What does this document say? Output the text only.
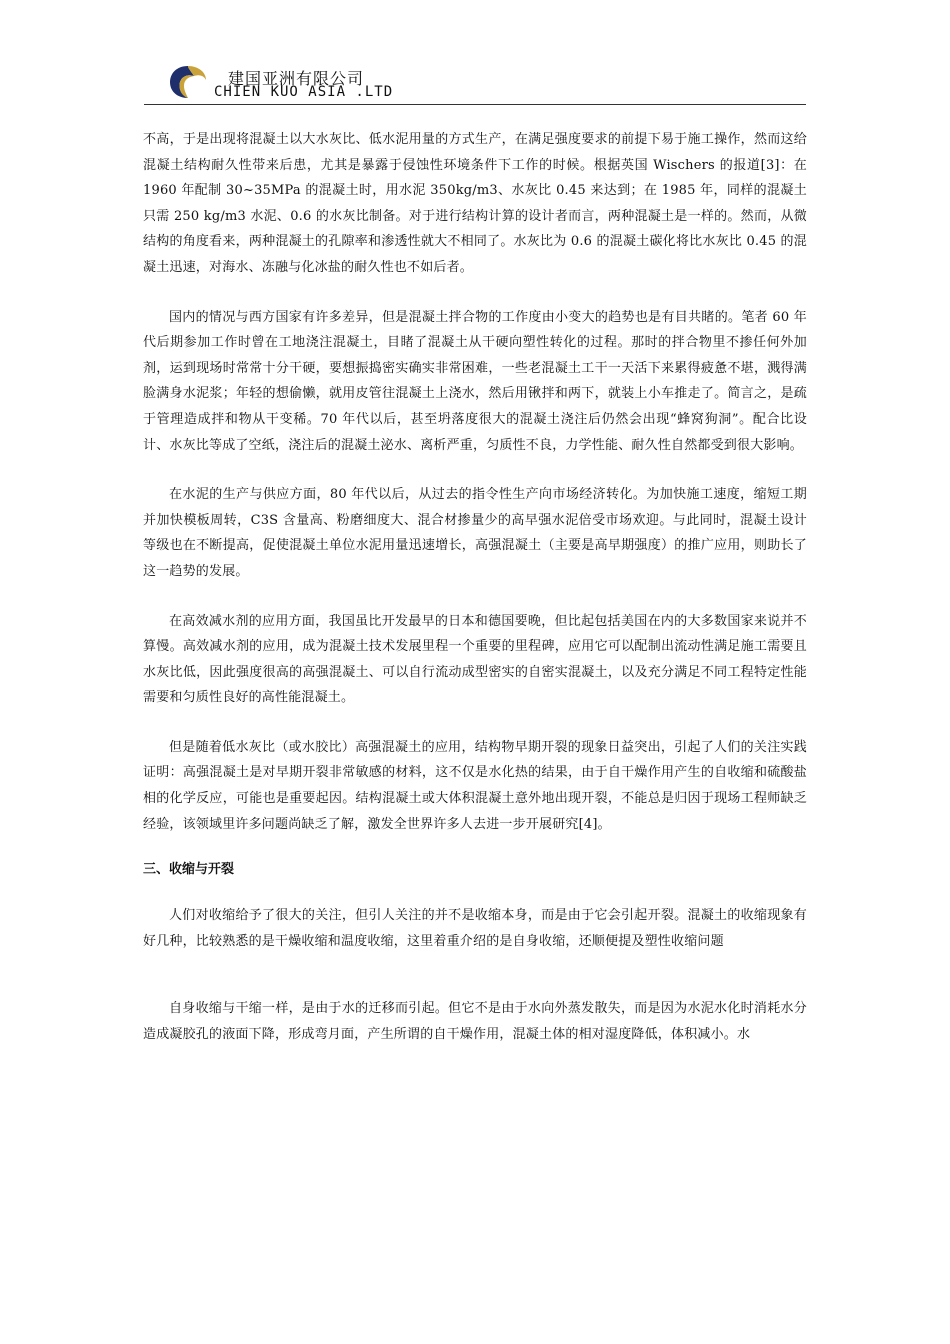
建国亚洲有限公司
CHIEN KUO ASIA .LTD

不高，于是出现将混凝土以大水灰比、低水泥用量的方式生产，在满足强度要求的前提下易于施工操作，然而这给混凝土结构耐久性带来后患，尤其是暴露于侵蚀性环境条件下工作的时候。根据英国 Wischers 的报道[3]：在 1960 年配制 30~35MPa 的混凝土时，用水泥 350kg/m3、水灰比 0.45 来达到；在 1985 年，同样的混凝土只需 250 kg/m3 水泥、0.6 的水灰比制备。对于进行结构计算的设计者而言，两种混凝土是一样的。然而，从微结构的角度看来，两种混凝土的孔隙率和渗透性就大不相同了。水灰比为 0.6 的混凝土碳化将比水灰比 0.45 的混凝土迅速，对海水、冻融与化冰盐的耐久性也不如后者。

国内的情况与西方国家有许多差异，但是混凝土拌合物的工作度由小变大的趋势也是有目共睹的。笔者 60 年代后期参加工作时曾在工地浇注混凝土，目睹了混凝土从干硬向塑性转化的过程。那时的拌合物里不掺任何外加剂，运到现场时常常十分干硬，要想振捣密实确实非常困难，一些老混凝土工干一天活下来累得疲惫不堪，溅得满脸满身水泥浆；年轻的想偷懒，就用皮管往混凝土上浇水，然后用锹拌和两下，就装上小车推走了。简言之，是疏于管理造成拌和物从干变稀。70 年代以后，甚至坍落度很大的混凝土浇注后仍然会出现“蜂窝狗洞”。配合比设计、水灰比等成了空纸，浇注后的混凝土泌水、离析严重，匀质性不良，力学性能、耐久性自然都受到很大影响。

在水泥的生产与供应方面，80 年代以后，从过去的指令性生产向市场经济转化。为加快施工速度，缩短工期并加快模板周转，C3S 含量高、粉磨细度大、混合材掺量少的高早强水泥倍受市场欢迎。与此同时，混凝土设计等级也在不断提高，促使混凝土单位水泥用量迅速增长，高强混凝土（主要是高早期强度）的推广应用，则助长了这一趋势的发展。

在高效减水剂的应用方面，我国虽比开发最早的日本和德国要晚，但比起包括美国在内的大多数国家来说并不算慢。高效减水剂的应用，成为混凝土技术发展里程一个重要的里程碑，应用它可以配制出流动性满足施工需要且水灰比低，因此强度很高的高强混凝土、可以自行流动成型密实的自密实混凝土，以及充分满足不同工程特定性能需要和匀质性良好的高性能混凝土。

但是随着低水灰比（或水胶比）高强混凝土的应用，结构物早期开裂的现象日益突出，引起了人们的关注实践证明：高强混凝土是对早期开裂非常敏感的材料，这不仅是水化热的结果，由于自干燥作用产生的自收缩和硫酸盐相的化学反应，可能也是重要起因。结构混凝土或大体积混凝土意外地出现开裂，不能总是归因于现场工程师缺乏经验，该领域里许多问题尚缺乏了解，激发全世界许多人去进一步开展研究[4]。

三、收缩与开裂

人们对收缩给予了很大的关注，但引人关注的并不是收缩本身，而是由于它会引起开裂。混凝土的收缩现象有好几种，比较熟悉的是干燥收缩和温度收缩，这里着重介绍的是自身收缩，还顺便提及塑性收缩问题

自身收缩与干缩一样，是由于水的迁移而引起。但它不是由于水向外蒸发散失，而是因为水泥水化时消耗水分造成凝胶孔的液面下降，形成弯月面，产生所谓的自干燥作用，混凝土体的相对湿度降低，体积减小。水
